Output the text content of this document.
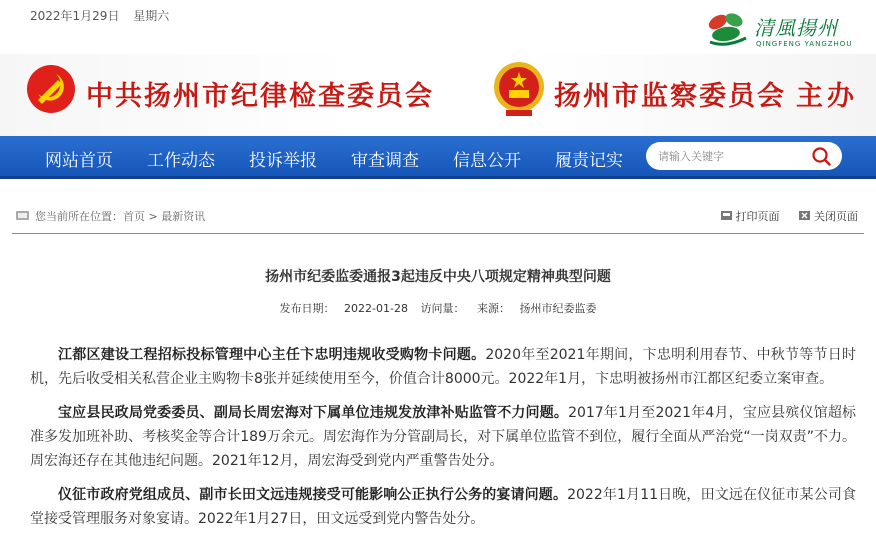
2022年1月29日 星期六	清風揚州
QINGFENG YANGZHOU
中共扬州市纪律检查委员会	扬州市监察委员会 主办
网站首页 工作动态 投诉举报 审查调查 信息公开 履责记实
请输入关键字
您当前所在位置：首页 > 最新资讯	打印页面	关闭页面
扬州市纪委监委通报3起违反中央八项规定精神典型问题
发布日期： 2022-01-28 访问量： 来源： 扬州市纪委监委

江都区建设工程招标投标管理中心主任卞忠明违规收受购物卡问题。2020年至2021年期间，卞忠明利用春节、中秋节等节日时机，先后收受相关私营企业主购物卡8张并延续使用至今，价值合计8000元。2022年1月，卞忠明被扬州市江都区纪委立案审查。

宝应县民政局党委委员、副局长周宏海对下属单位违规发放津补贴监管不力问题。2017年1月至2021年4月，宝应县殡仪馆超标准多发加班补助、考核奖金等合计189万余元。周宏海作为分管副局长，对下属单位监管不到位，履行全面从严治党“一岗双责”不力。周宏海还存在其他违纪问题。2021年12月，周宏海受到党内严重警告处分。

仪征市政府党组成员、副市长田文远违规接受可能影响公正执行公务的宴请问题。2022年1月11日晚，田文远在仪征市某公司食堂接受管理服务对象宴请。2022年1月27日，田文远受到党内警告处分。
